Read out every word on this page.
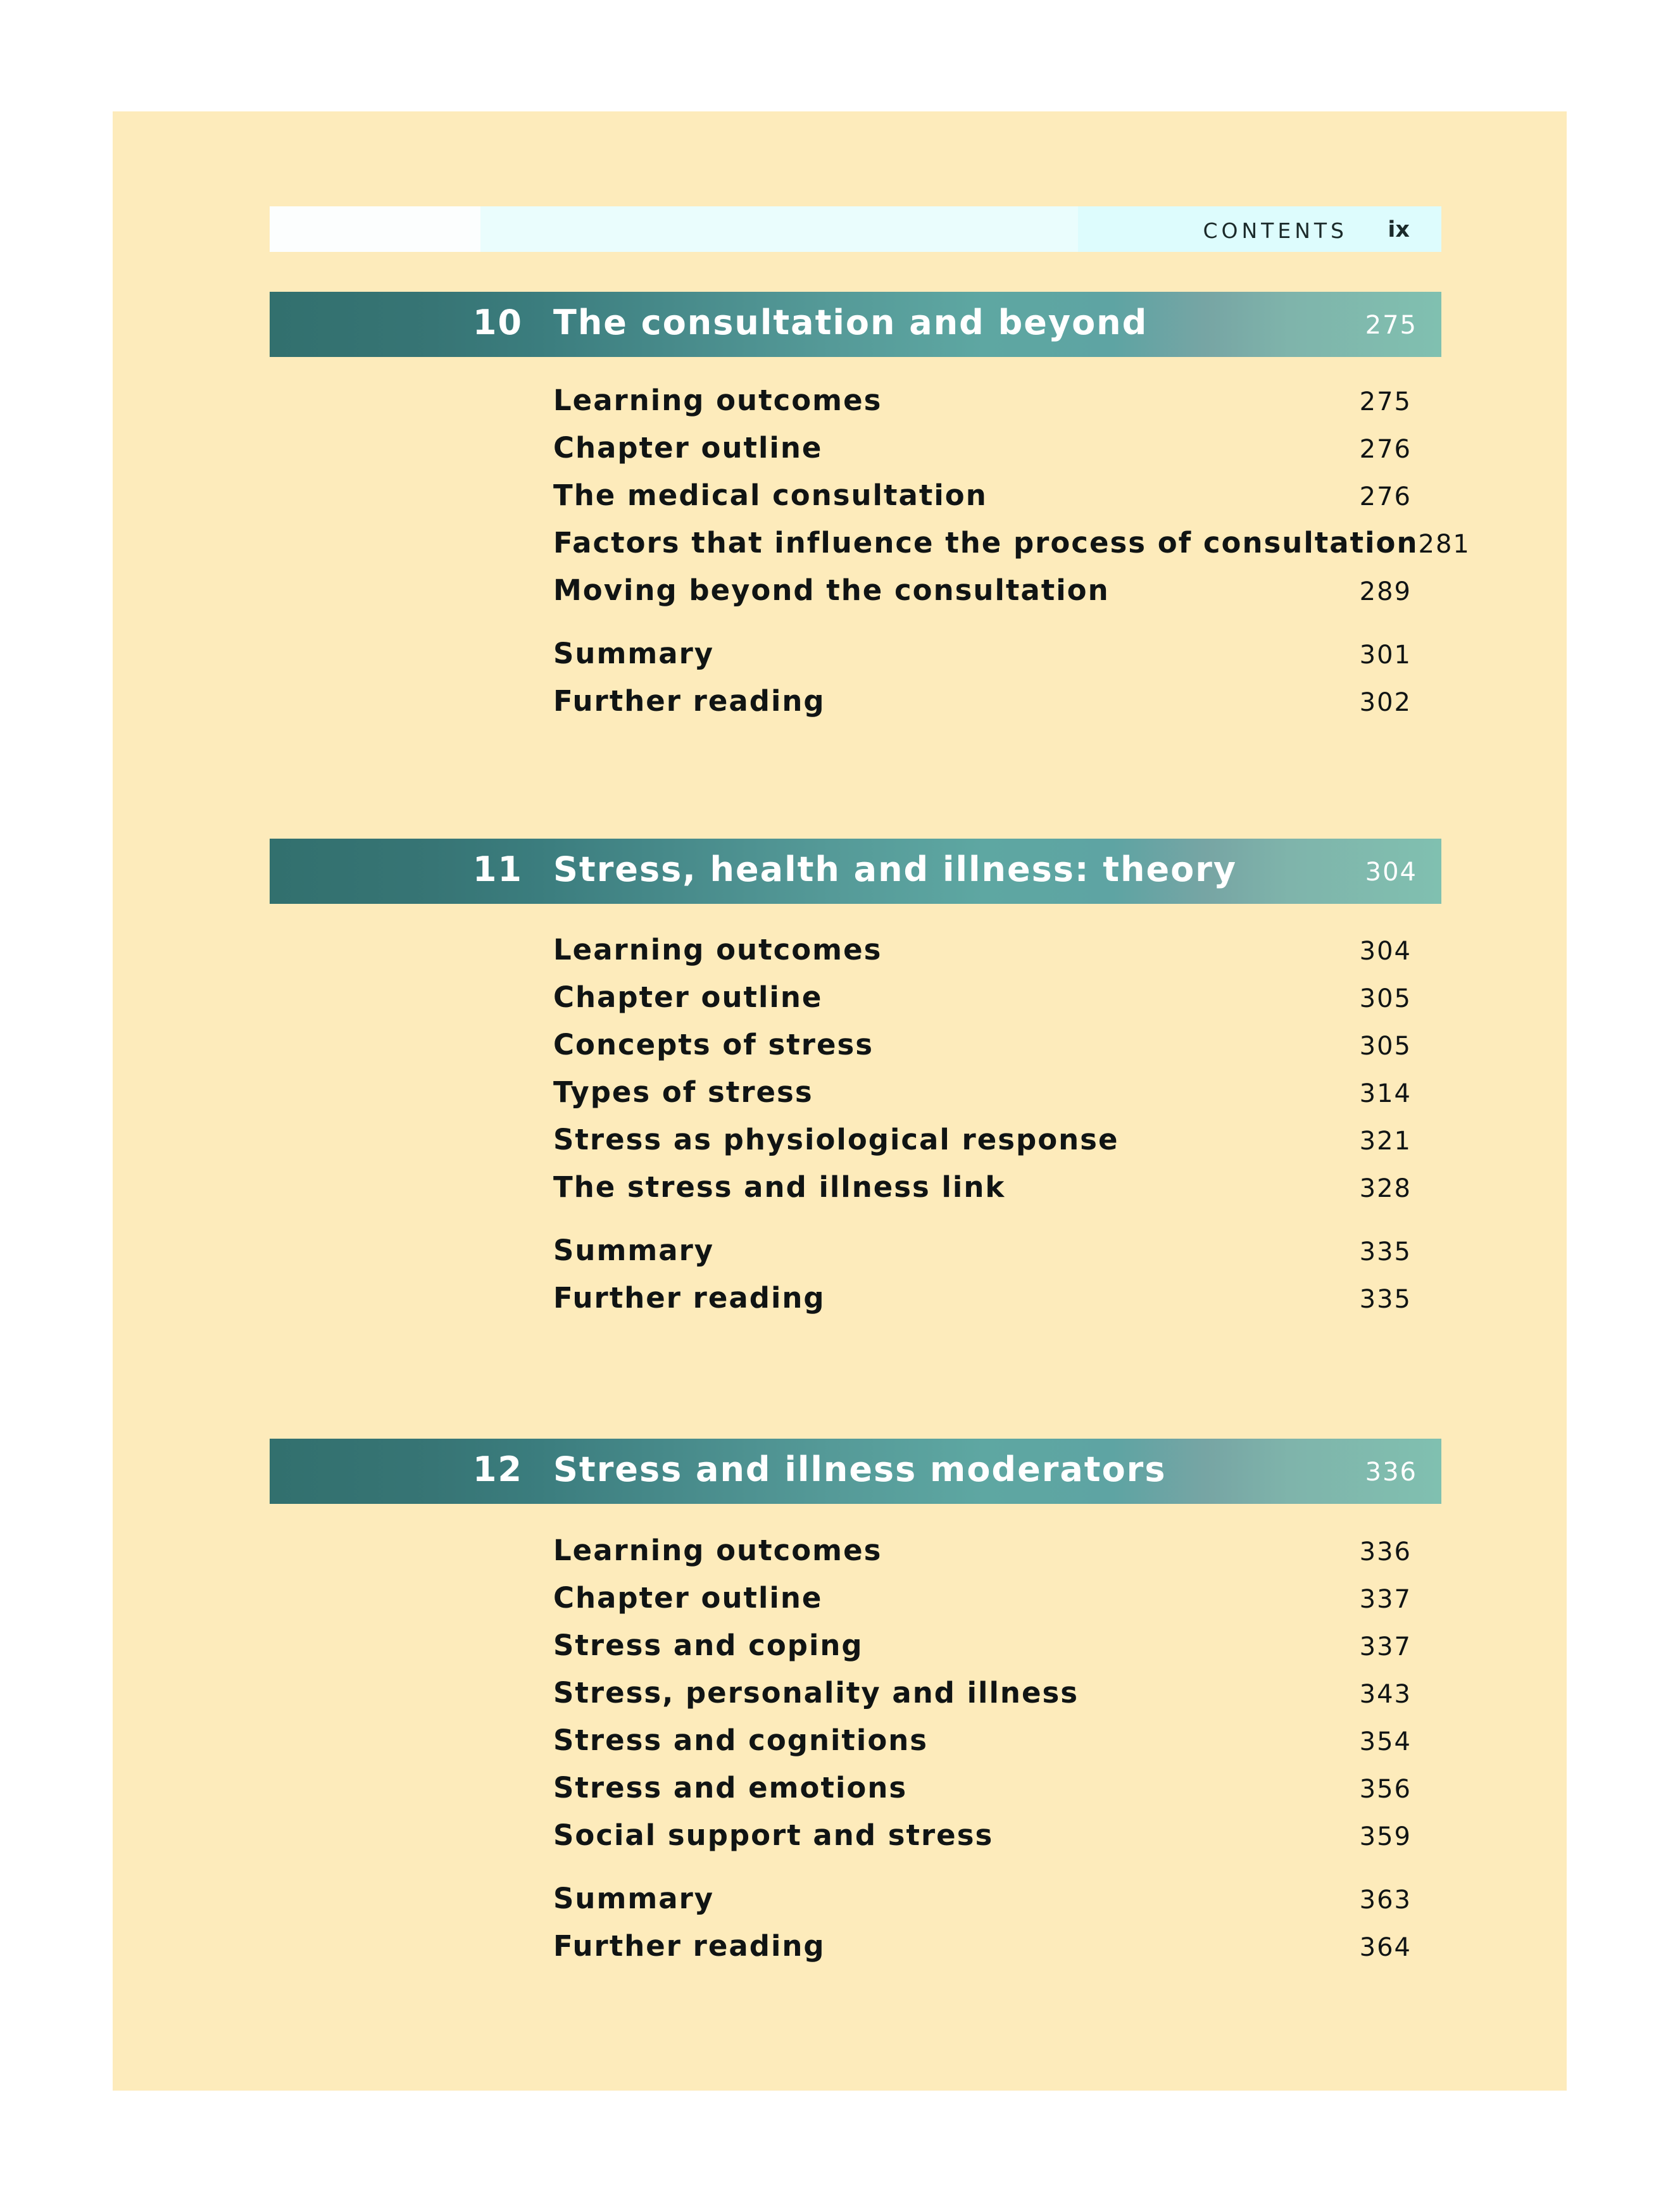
CONTENTS ix
10 The consultation and beyond	275
Learning outcomes	275
Chapter outline	276
The medical consultation	276
Factors that influence the process of consultation 281
Moving beyond the consultation	289
Summary	301
Further reading	302
11 Stress, health and illness: theory	304
Learning outcomes	304
Chapter outline	305
Concepts of stress	305
Types of stress	314
Stress as physiological response	321
The stress and illness link	328
Summary	335
Further reading	335
12 Stress and illness moderators	336
Learning outcomes	336
Chapter outline	337
Stress and coping	337
Stress, personality and illness	343
Stress and cognitions	354
Stress and emotions	356
Social support and stress	359
Summary	363
Further reading	364
